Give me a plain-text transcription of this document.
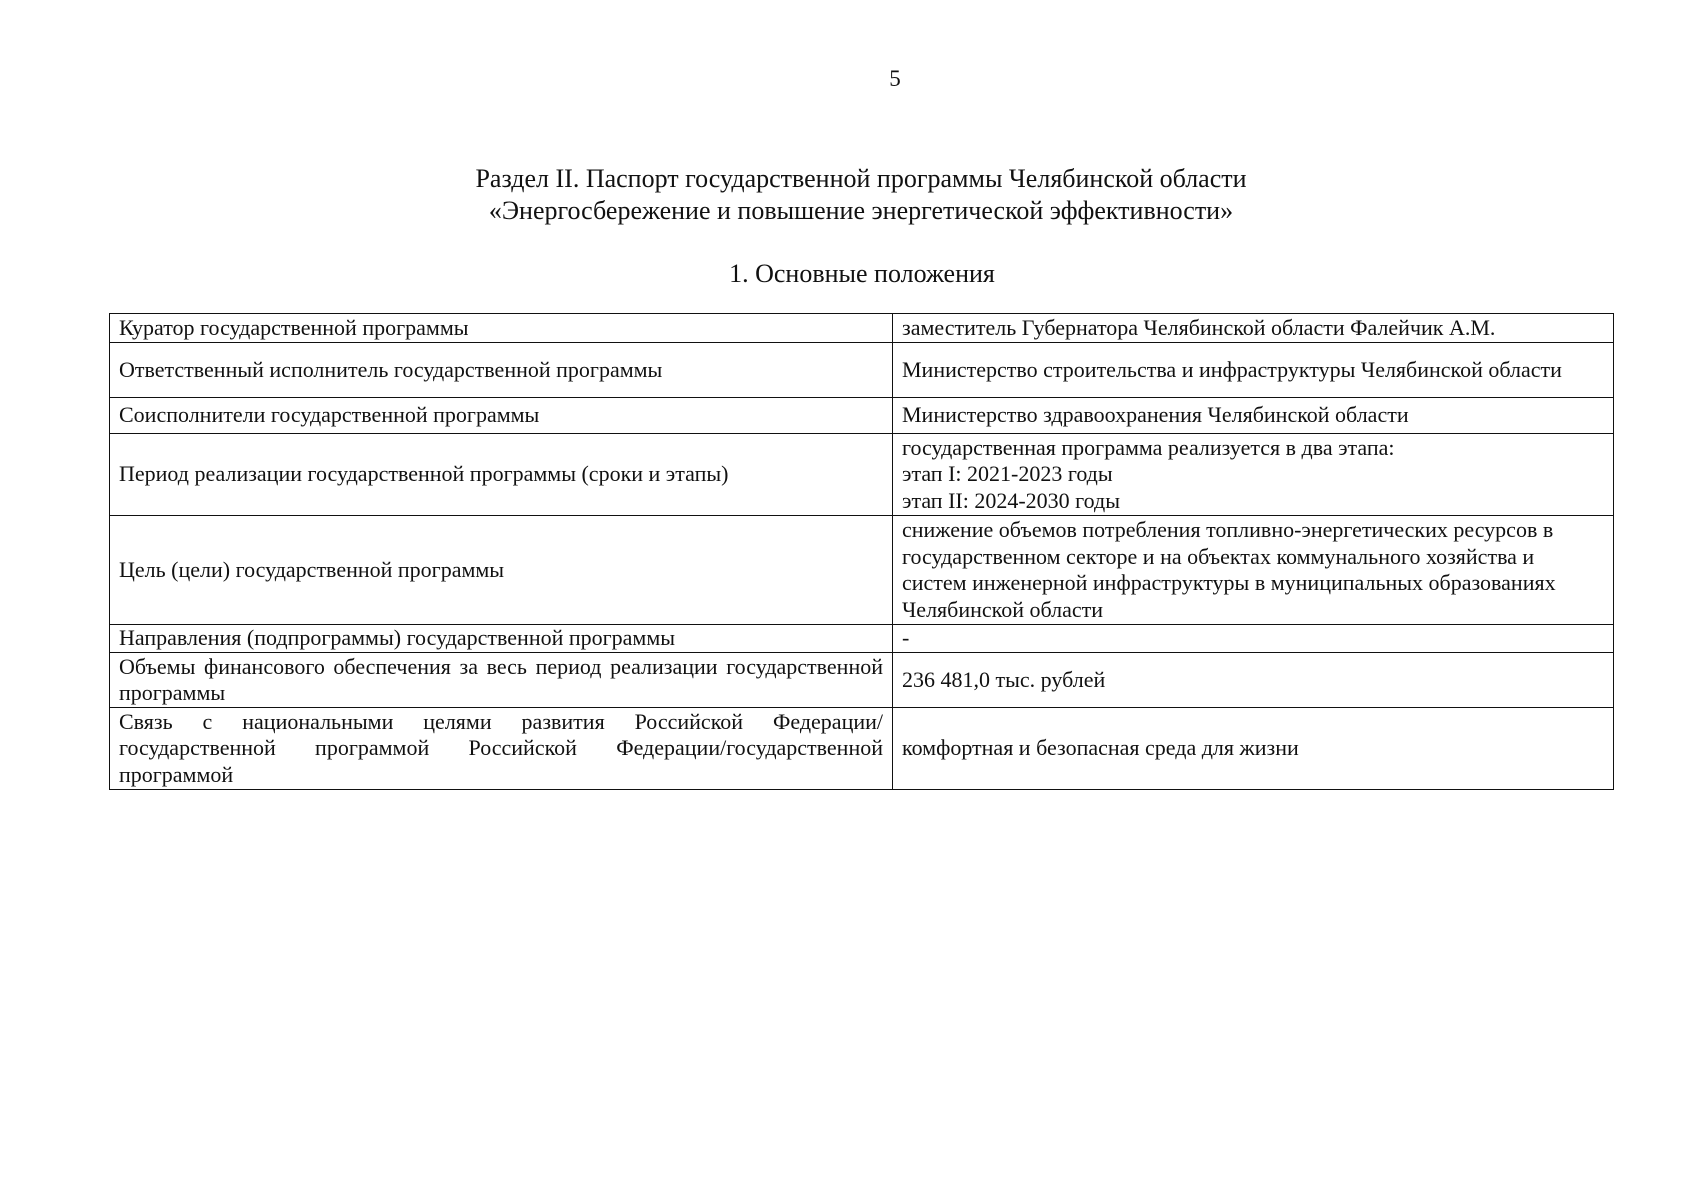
5
Раздел II. Паспорт государственной программы Челябинской области
«Энергосбережение и повышение энергетической эффективности»
1. Основные положения
Куратор государственной программы	заместитель Губернатора Челябинской области Фалейчик А.М.
Ответственный исполнитель государственной программы	Министерство строительства и инфраструктуры Челябинской области
Соисполнители государственной программы	Министерство здравоохранения Челябинской области
Период реализации государственной программы (сроки и этапы)	государственная программа реализуется в два этапа:
этап I: 2021-2023 годы
этап II: 2024-2030 годы

Цель (цели) государственной программы	снижение объемов потребления топливно-энергетических ресурсов в государственном секторе и на объектах коммунального хозяйства и систем инженерной инфраструктуры в муниципальных образованиях Челябинской области
Направления (подпрограммы) государственной программы	-
Объемы финансового обеспечения за весь период реализации государственной программы	236 481,0 тыс. рублей
Связь с национальными целями развития Российской Федерации/государственной программой Российской Федерации/государственной программой	комфортная и безопасная среда для жизни
